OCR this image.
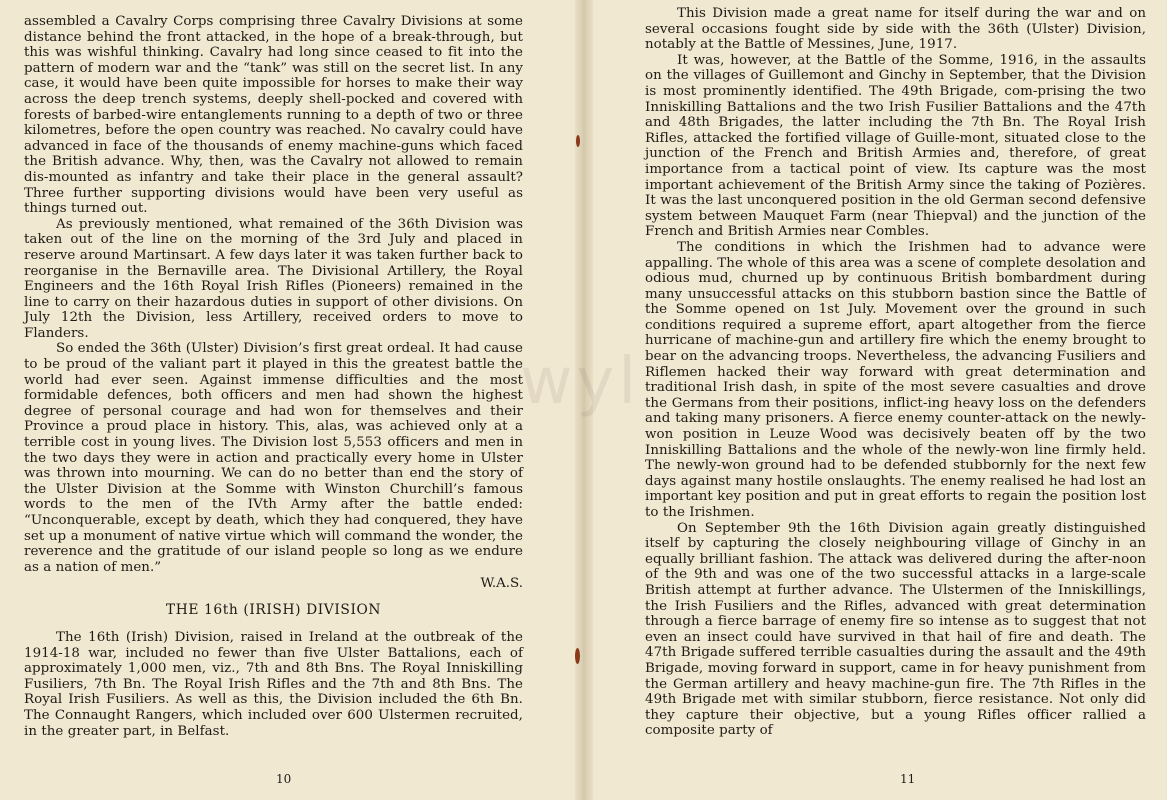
assembled a Cavalry Corps comprising three Cavalry Divisions at some distance behind the front attacked, in the hope of a break-through, but this was wishful thinking. Cavalry had long since ceased to fit into the pattern of modern war and the “tank” was still on the secret list. In any case, it would have been quite impossible for horses to make their way across the deep trench systems, deeply shell-pocked and covered with forests of barbed-wire entanglements running to a depth of two or three kilometres, before the open country was reached. No cavalry could have advanced in face of the thousands of enemy machine-guns which faced the British advance. Why, then, was the Cavalry not allowed to remain dis-mounted as infantry and take their place in the general assault? Three further supporting divisions would have been very useful as things turned out.

As previously mentioned, what remained of the 36th Division was taken out of the line on the morning of the 3rd July and placed in reserve around Martinsart. A few days later it was taken further back to reorganise in the Bernaville area. The Divisional Artillery, the Royal Engineers and the 16th Royal Irish Rifles (Pioneers) remained in the line to carry on their hazardous duties in support of other divisions. On July 12th the Division, less Artillery, received orders to move to Flanders.

So ended the 36th (Ulster) Division’s first great ordeal. It had cause to be proud of the valiant part it played in this the greatest battle the world had ever seen. Against immense difficulties and the most formidable defences, both officers and men had shown the highest degree of personal courage and had won for themselves and their Province a proud place in history. This, alas, was achieved only at a terrible cost in young lives. The Division lost 5,553 officers and men in the two days they were in action and practically every home in Ulster was thrown into mourning. We can do no better than end the story of the Ulster Division at the Somme with Winston Churchill’s famous words to the men of the IVth Army after the battle ended: “Unconquerable, except by death, which they had conquered, they have set up a monument of native virtue which will command the wonder, the reverence and the gratitude of our island people so long as we endure as a nation of men.”

W.A.S.
THE 16th (IRISH) DIVISION

The 16th (Irish) Division, raised in Ireland at the outbreak of the 1914-18 war, included no fewer than five Ulster Battalions, each of approximately 1,000 men, viz., 7th and 8th Bns. The Royal Inniskilling Fusiliers, 7th Bn. The Royal Irish Rifles and the 7th and 8th Bns. The Royal Irish Fusiliers. As well as this, the Division included the 6th Bn. The Connaught Rangers, which included over 600 Ulstermen recruited, in the greater part, in Belfast.

10

This Division made a great name for itself during the war and on several occasions fought side by side with the 36th (Ulster) Division, notably at the Battle of Messines, June, 1917.

It was, however, at the Battle of the Somme, 1916, in the assaults on the villages of Guillemont and Ginchy in September, that the Division is most prominently identified. The 49th Brigade, com-prising the two Inniskilling Battalions and the two Irish Fusilier Battalions and the 47th and 48th Brigades, the latter including the 7th Bn. The Royal Irish Rifles, attacked the fortified village of Guille-mont, situated close to the junction of the French and British Armies and, therefore, of great importance from a tactical point of view. Its capture was the most important achievement of the British Army since the taking of Pozières. It was the last unconquered position in the old German second defensive system between Mauquet Farm (near Thiepval) and the junction of the French and British Armies near Combles.

The conditions in which the Irishmen had to advance were appalling. The whole of this area was a scene of complete desolation and odious mud, churned up by continuous British bombardment during many unsuccessful attacks on this stubborn bastion since the Battle of the Somme opened on 1st July. Movement over the ground in such conditions required a supreme effort, apart altogether from the fierce hurricane of machine-gun and artillery fire which the enemy brought to bear on the advancing troops. Nevertheless, the advancing Fusiliers and Riflemen hacked their way forward with great determination and traditional Irish dash, in spite of the most severe casualties and drove the Germans from their positions, inflict-ing heavy loss on the defenders and taking many prisoners. A fierce enemy counter-attack on the newly-won position in Leuze Wood was decisively beaten off by the two Inniskilling Battalions and the whole of the newly-won line firmly held. The newly-won ground had to be defended stubbornly for the next few days against many hostile onslaughts. The enemy realised he had lost an important key position and put in great efforts to regain the position lost to the Irishmen.

On September 9th the 16th Division again greatly distinguished itself by capturing the closely neighbouring village of Ginchy in an equally brilliant fashion. The attack was delivered during the after-noon of the 9th and was one of the two successful attacks in a large-scale British attempt at further advance. The Ulstermen of the Inniskillings, the Irish Fusiliers and the Rifles, advanced with great determination through a fierce barrage of enemy fire so intense as to suggest that not even an insect could have survived in that hail of fire and death. The 47th Brigade suffered terrible casualties during the assault and the 49th Brigade, moving forward in support, came in for heavy punishment from the German artillery and heavy machine-gun fire. The 7th Rifles in the 49th Brigade met with similar stubborn, fierce resistance. Not only did they capture their objective, but a young Rifles officer rallied a composite party of

11
